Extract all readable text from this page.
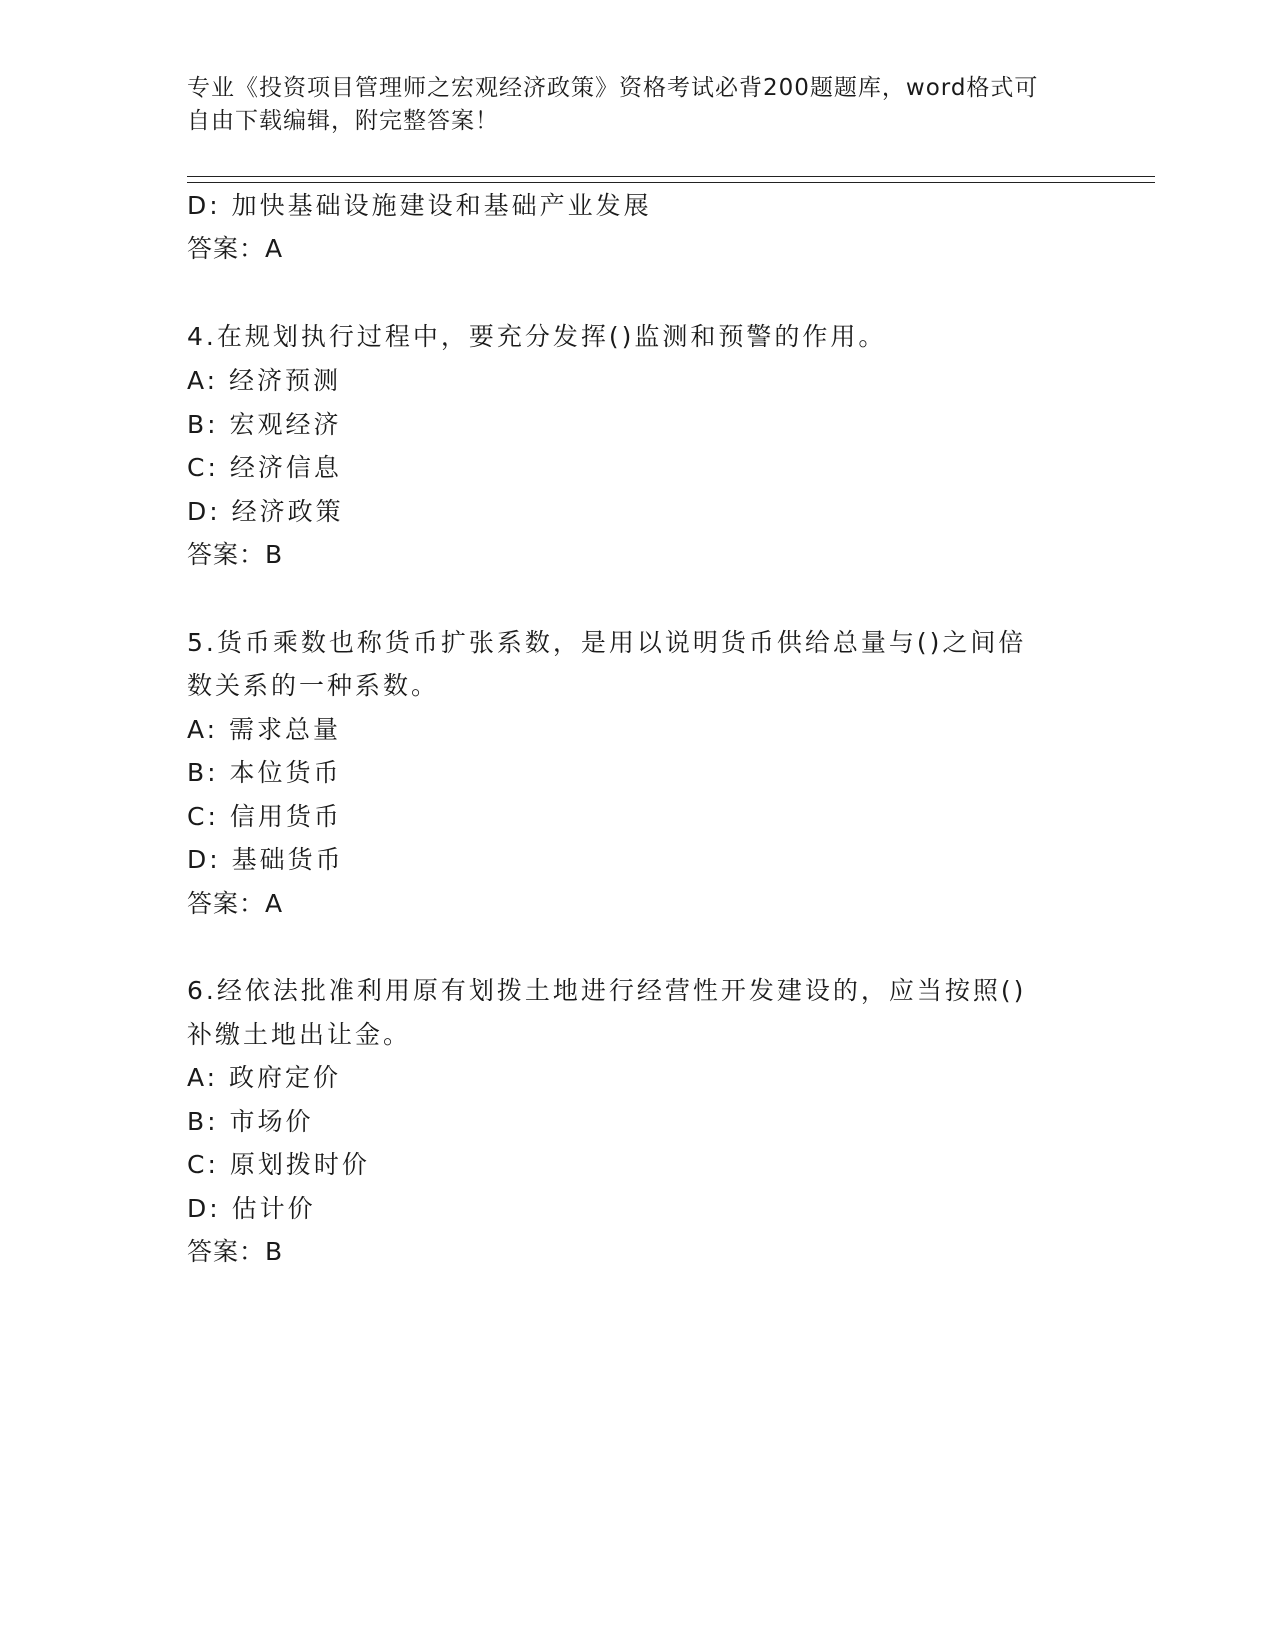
专业《投资项目管理师之宏观经济政策》资格考试必背200题题库，word格式可
自由下载编辑，附完整答案！
D: 加快基础设施建设和基础产业发展
答案：A
4.在规划执行过程中，要充分发挥()监测和预警的作用。
A: 经济预测
B: 宏观经济
C: 经济信息
D: 经济政策
答案：B
5.货币乘数也称货币扩张系数，是用以说明货币供给总量与()之间倍
数关系的一种系数。
A: 需求总量
B: 本位货币
C: 信用货币
D: 基础货币
答案：A
6.经依法批准利用原有划拨土地进行经营性开发建设的，应当按照()
补缴土地出让金。
A: 政府定价
B: 市场价
C: 原划拨时价
D: 估计价
答案：B
